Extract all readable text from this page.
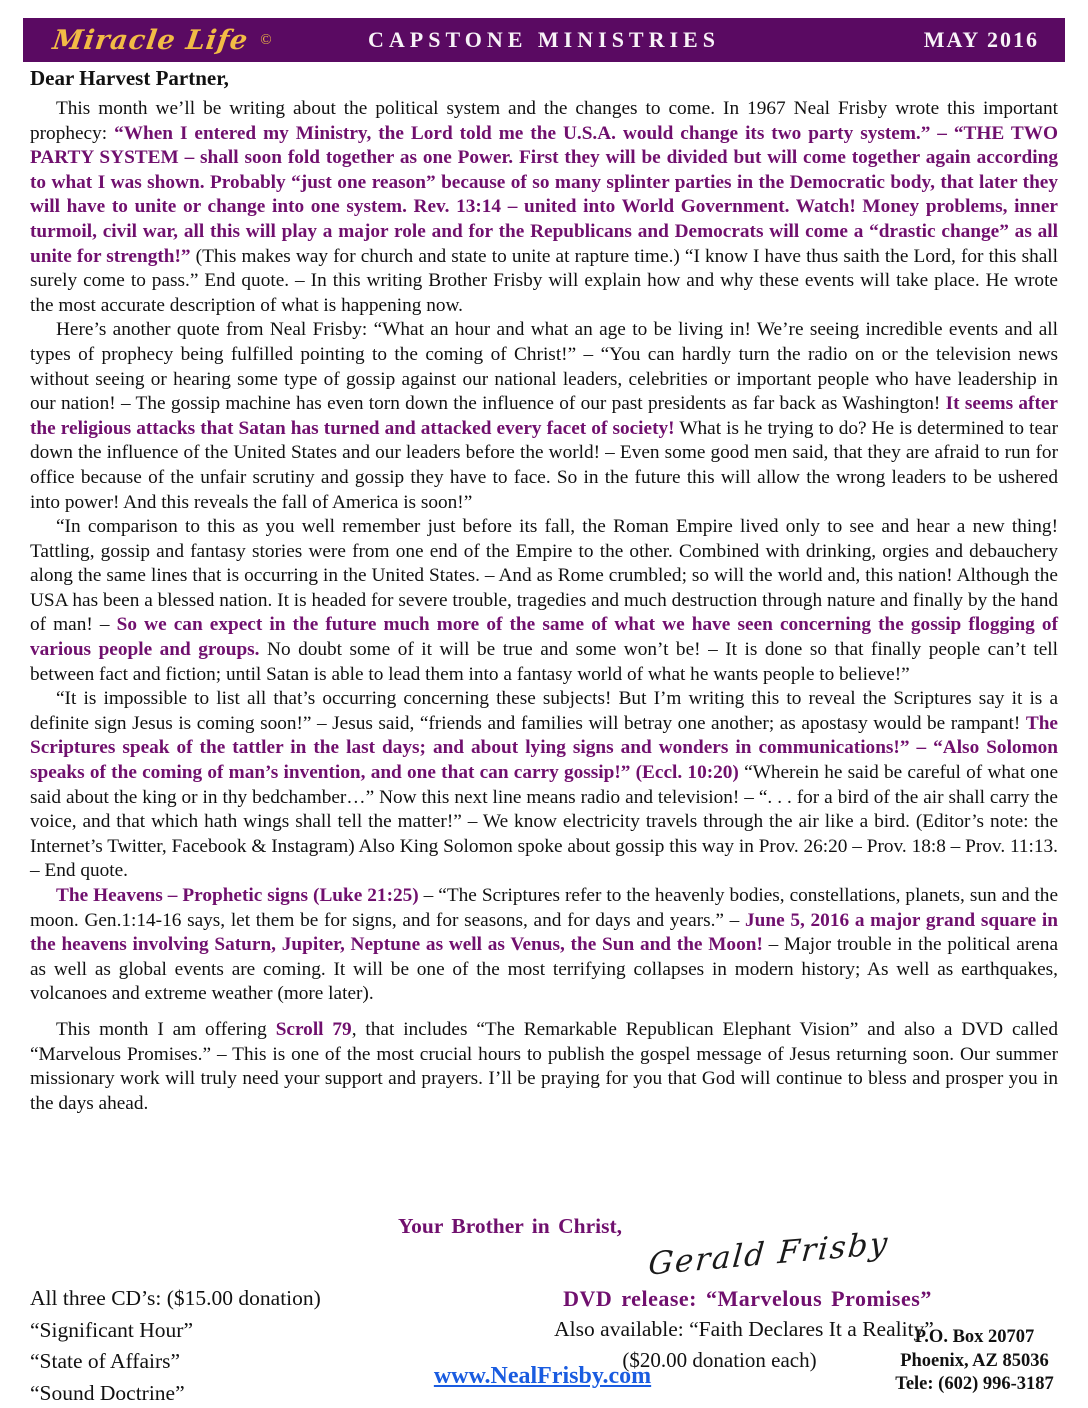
Miracle Life ©	CAPSTONE MINISTRIES	MAY 2016
Dear Harvest Partner,

This month we’ll be writing about the political system and the changes to come. In 1967 Neal Frisby wrote this important prophecy: “When I entered my Ministry, the Lord told me the U.S.A. would change its two party system.” – “THE TWO PARTY SYSTEM – shall soon fold together as one Power. First they will be divided but will come together again according to what I was shown. Probably “just one reason” because of so many splinter parties in the Democratic body, that later they will have to unite or change into one system. Rev. 13:14 – united into World Government. Watch! Money problems, inner turmoil, civil war, all this will play a major role and for the Republicans and Democrats will come a “drastic change” as all unite for strength!” (This makes way for church and state to unite at rapture time.) “I know I have thus saith the Lord, for this shall surely come to pass.” End quote. – In this writing Brother Frisby will explain how and why these events will take place. He wrote the most accurate description of what is happening now.

Here’s another quote from Neal Frisby: “What an hour and what an age to be living in! We’re seeing incredible events and all types of prophecy being fulfilled pointing to the coming of Christ!” – “You can hardly turn the radio on or the television news without seeing or hearing some type of gossip against our national leaders, celebrities or important people who have leadership in our nation! – The gossip machine has even torn down the influence of our past presidents as far back as Washington! It seems after the religious attacks that Satan has turned and attacked every facet of society! What is he trying to do? He is determined to tear down the influence of the United States and our leaders before the world! – Even some good men said, that they are afraid to run for office because of the unfair scrutiny and gossip they have to face. So in the future this will allow the wrong leaders to be ushered into power! And this reveals the fall of America is soon!”

“In comparison to this as you well remember just before its fall, the Roman Empire lived only to see and hear a new thing! Tattling, gossip and fantasy stories were from one end of the Empire to the other. Combined with drinking, orgies and debauchery along the same lines that is occurring in the United States. – And as Rome crumbled; so will the world and, this nation! Although the USA has been a blessed nation. It is headed for severe trouble, tragedies and much destruction through nature and finally by the hand of man! – So we can expect in the future much more of the same of what we have seen concerning the gossip flogging of various people and groups. No doubt some of it will be true and some won’t be! – It is done so that finally people can’t tell between fact and fiction; until Satan is able to lead them into a fantasy world of what he wants people to believe!”

“It is impossible to list all that’s occurring concerning these subjects! But I’m writing this to reveal the Scriptures say it is a definite sign Jesus is coming soon!” – Jesus said, “friends and families will betray one another; as apostasy would be rampant! The Scriptures speak of the tattler in the last days; and about lying signs and wonders in communications!” – “Also Solomon speaks of the coming of man’s invention, and one that can carry gossip!” (Eccl. 10:20) “Wherein he said be careful of what one said about the king or in thy bedchamber…” Now this next line means radio and television! – “. . . for a bird of the air shall carry the voice, and that which hath wings shall tell the matter!” – We know electricity travels through the air like a bird. (Editor’s note: the Internet’s Twitter, Facebook & Instagram) Also King Solomon spoke about gossip this way in Prov. 26:20 – Prov. 18:8 – Prov. 11:13. – End quote.

The Heavens – Prophetic signs (Luke 21:25) – “The Scriptures refer to the heavenly bodies, constellations, planets, sun and the moon. Gen.1:14-16 says, let them be for signs, and for seasons, and for days and years.” – June 5, 2016 a major grand square in the heavens involving Saturn, Jupiter, Neptune as well as Venus, the Sun and the Moon! – Major trouble in the political arena as well as global events are coming. It will be one of the most terrifying collapses in modern history; As well as earthquakes, volcanoes and extreme weather (more later).

This month I am offering Scroll 79, that includes “The Remarkable Republican Elephant Vision” and also a DVD called “Marvelous Promises.” – This is one of the most crucial hours to publish the gospel message of Jesus returning soon. Our summer missionary work will truly need your support and prayers. I’ll be praying for you that God will continue to bless and prosper you in the days ahead.

Your Brother in Christ, Gerald Frisby
All three CD’s: ($15.00 donation)
“Significant Hour”
“State of Affairs”
“Sound Doctrine”
DVD release: “Marvelous Promises”
Also available: “Faith Declares It a Reality”
($20.00 donation each)
www.NealFrisby.com
P.O. Box 20707
Phoenix, AZ 85036
Tele: (602) 996-3187
